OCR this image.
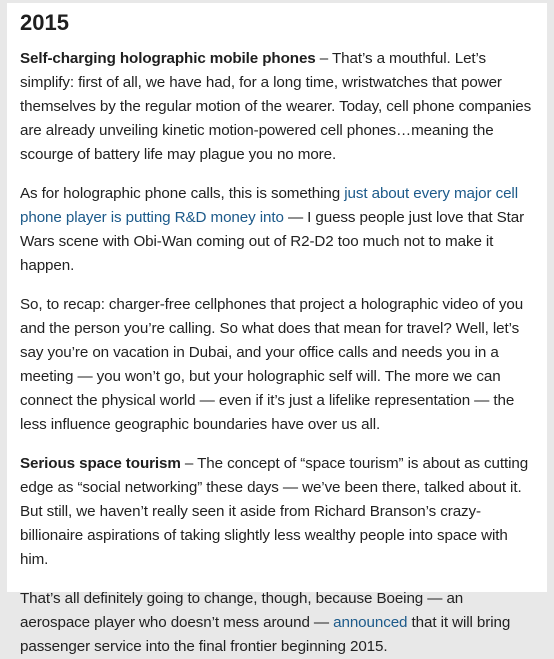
2015

Self-charging holographic mobile phones – That’s a mouthful. Let’s simplify: first of all, we have had, for a long time, wristwatches that power themselves by the regular motion of the wearer. Today, cell phone companies are already unveiling kinetic motion-powered cell phones…meaning the scourge of battery life may plague you no more.

As for holographic phone calls, this is something just about every major cell phone player is putting R&D money into — I guess people just love that Star Wars scene with Obi-Wan coming out of R2-D2 too much not to make it happen.

So, to recap: charger-free cellphones that project a holographic video of you and the person you’re calling. So what does that mean for travel? Well, let’s say you’re on vacation in Dubai, and your office calls and needs you in a meeting — you won’t go, but your holographic self will. The more we can connect the physical world — even if it’s just a lifelike representation — the less influence geographic boundaries have over us all.

Serious space tourism – The concept of “space tourism” is about as cutting edge as “social networking” these days — we’ve been there, talked about it. But still, we haven’t really seen it aside from Richard Branson’s crazy-billionaire aspirations of taking slightly less wealthy people into space with him.

That’s all definitely going to change, though, because Boeing — an aerospace player who doesn’t mess around — announced that it will bring passenger service into the final frontier beginning 2015.
